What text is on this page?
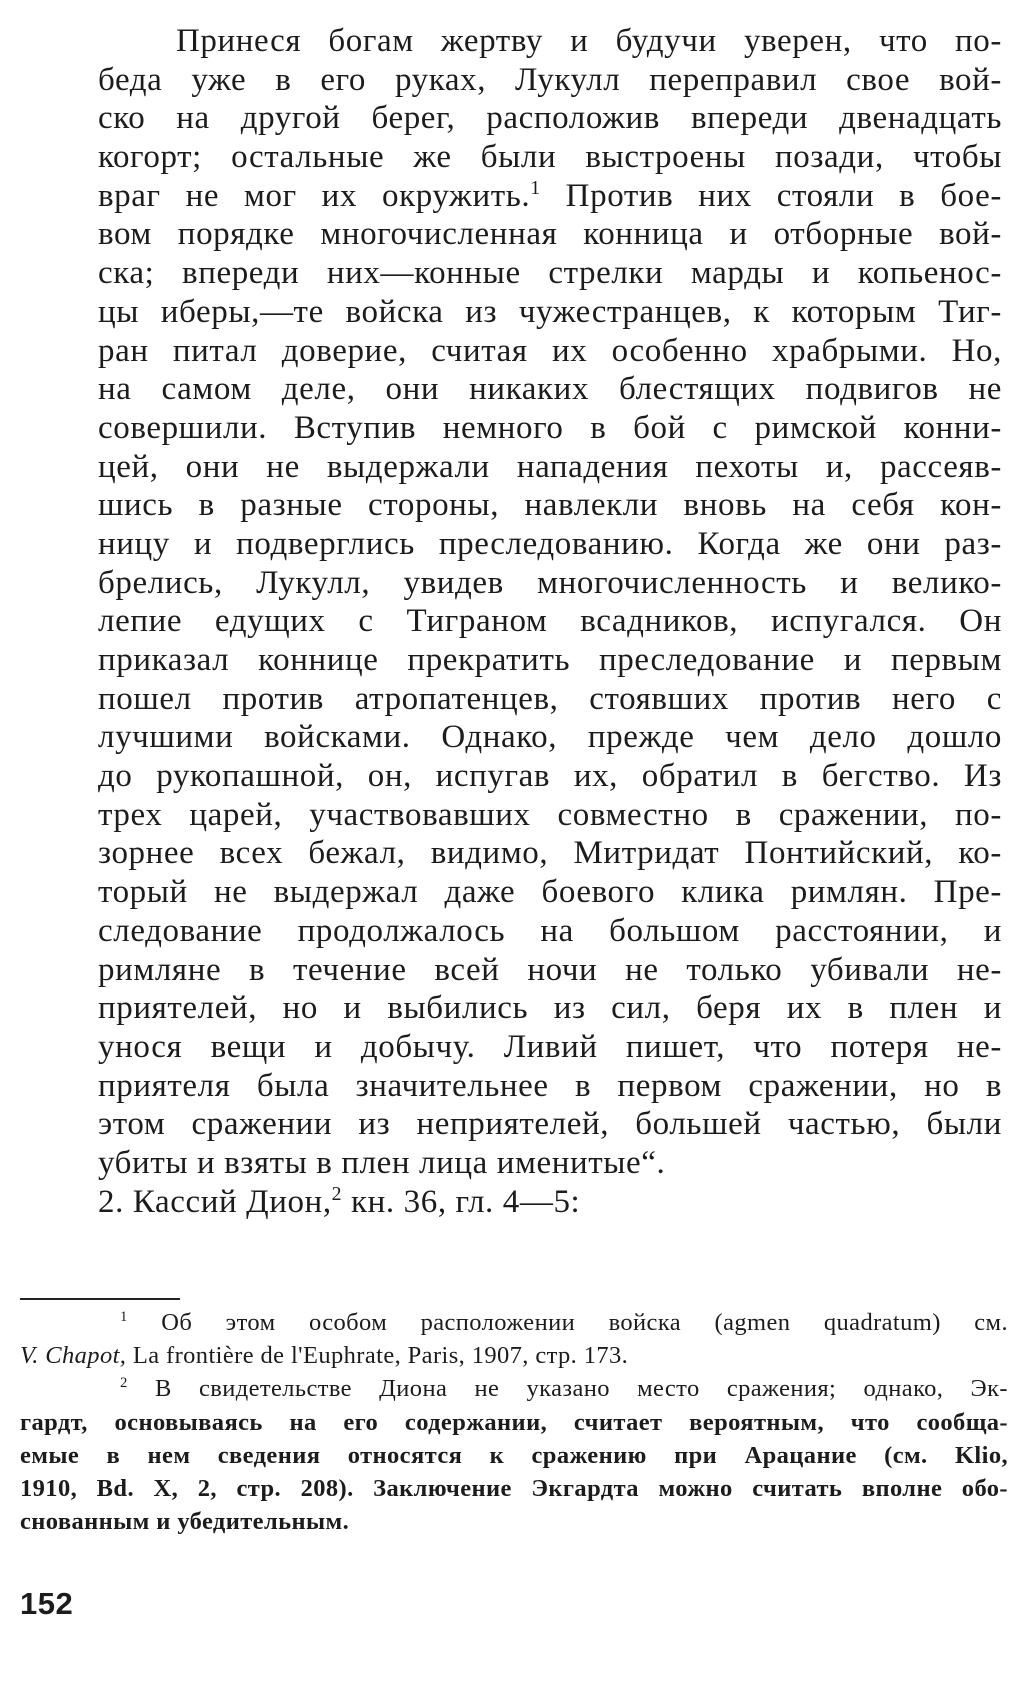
Принеся богам жертву и будучи уверен, что по-
беда уже в его руках, Лукулл переправил свое вой-
ско на другой берег, расположив впереди двенадцать
когорт; остальные же были выстроены позади, чтобы
враг не мог их окружить.$^1$ Против них стояли в бое-
вом порядке многочисленная конница и отборные вой-
ска; впереди них—конные стрелки марды и копьенос-
цы иберы,—те войска из чужестранцев, к которым Тиг-
ран питал доверие, считая их особенно храбрыми. Но,
на самом деле, они никаких блестящих подвигов не
совершили. Вступив немного в бой с римской конни-
цей, они не выдержали нападения пехоты и, рассеяв-
шись в разные стороны, навлекли вновь на себя кон-
ницу и подверглись преследованию. Когда же они раз-
брелись, Лукулл, увидев многочисленность и велико-
лепие едущих с Тиграном всадников, испугался. Он
приказал коннице прекратить преследование и первым
пошел против атропатенцев, стоявших против него с
лучшими войсками. Однако, прежде чем дело дошло
до рукопашной, он, испугав их, обратил в бегство. Из
трех царей, участвовавших совместно в сражении, по-
зорнее всех бежал, видимо, Митридат Понтийский, ко-
торый не выдержал даже боевого клика римлян. Пре-
следование продолжалось на большом расстоянии, и
римляне в течение всей ночи не только убивали не-
приятелей, но и выбились из сил, беря их в плен и
унося вещи и добычу. Ливий пишет, что потеря не-
приятеля была значительнее в первом сражении, но в
этом сражении из неприятелей, большей частью, были
убиты и взяты в плен лица именитые“.
2. Кассий Дион,$^2$ кн. 36, гл. 4—5:
$^1$ Об этом особом расположении войска (agmen quadratum) см.
V. Chapot, La frontière de l'Euphrate, Paris, 1907, стр. 173.
$^2$ В свидетельстве Диона не указано место сражения; однако, Эк-
гардт, основываясь на его содержании, считает вероятным, что сообща-
емые в нем сведения относятся к сражению при Арацание (см. Klio,
1910, Bd. X, 2, стр. 208). Заключение Экгардта можно считать вполне обо-
снованным и убедительным.
152
